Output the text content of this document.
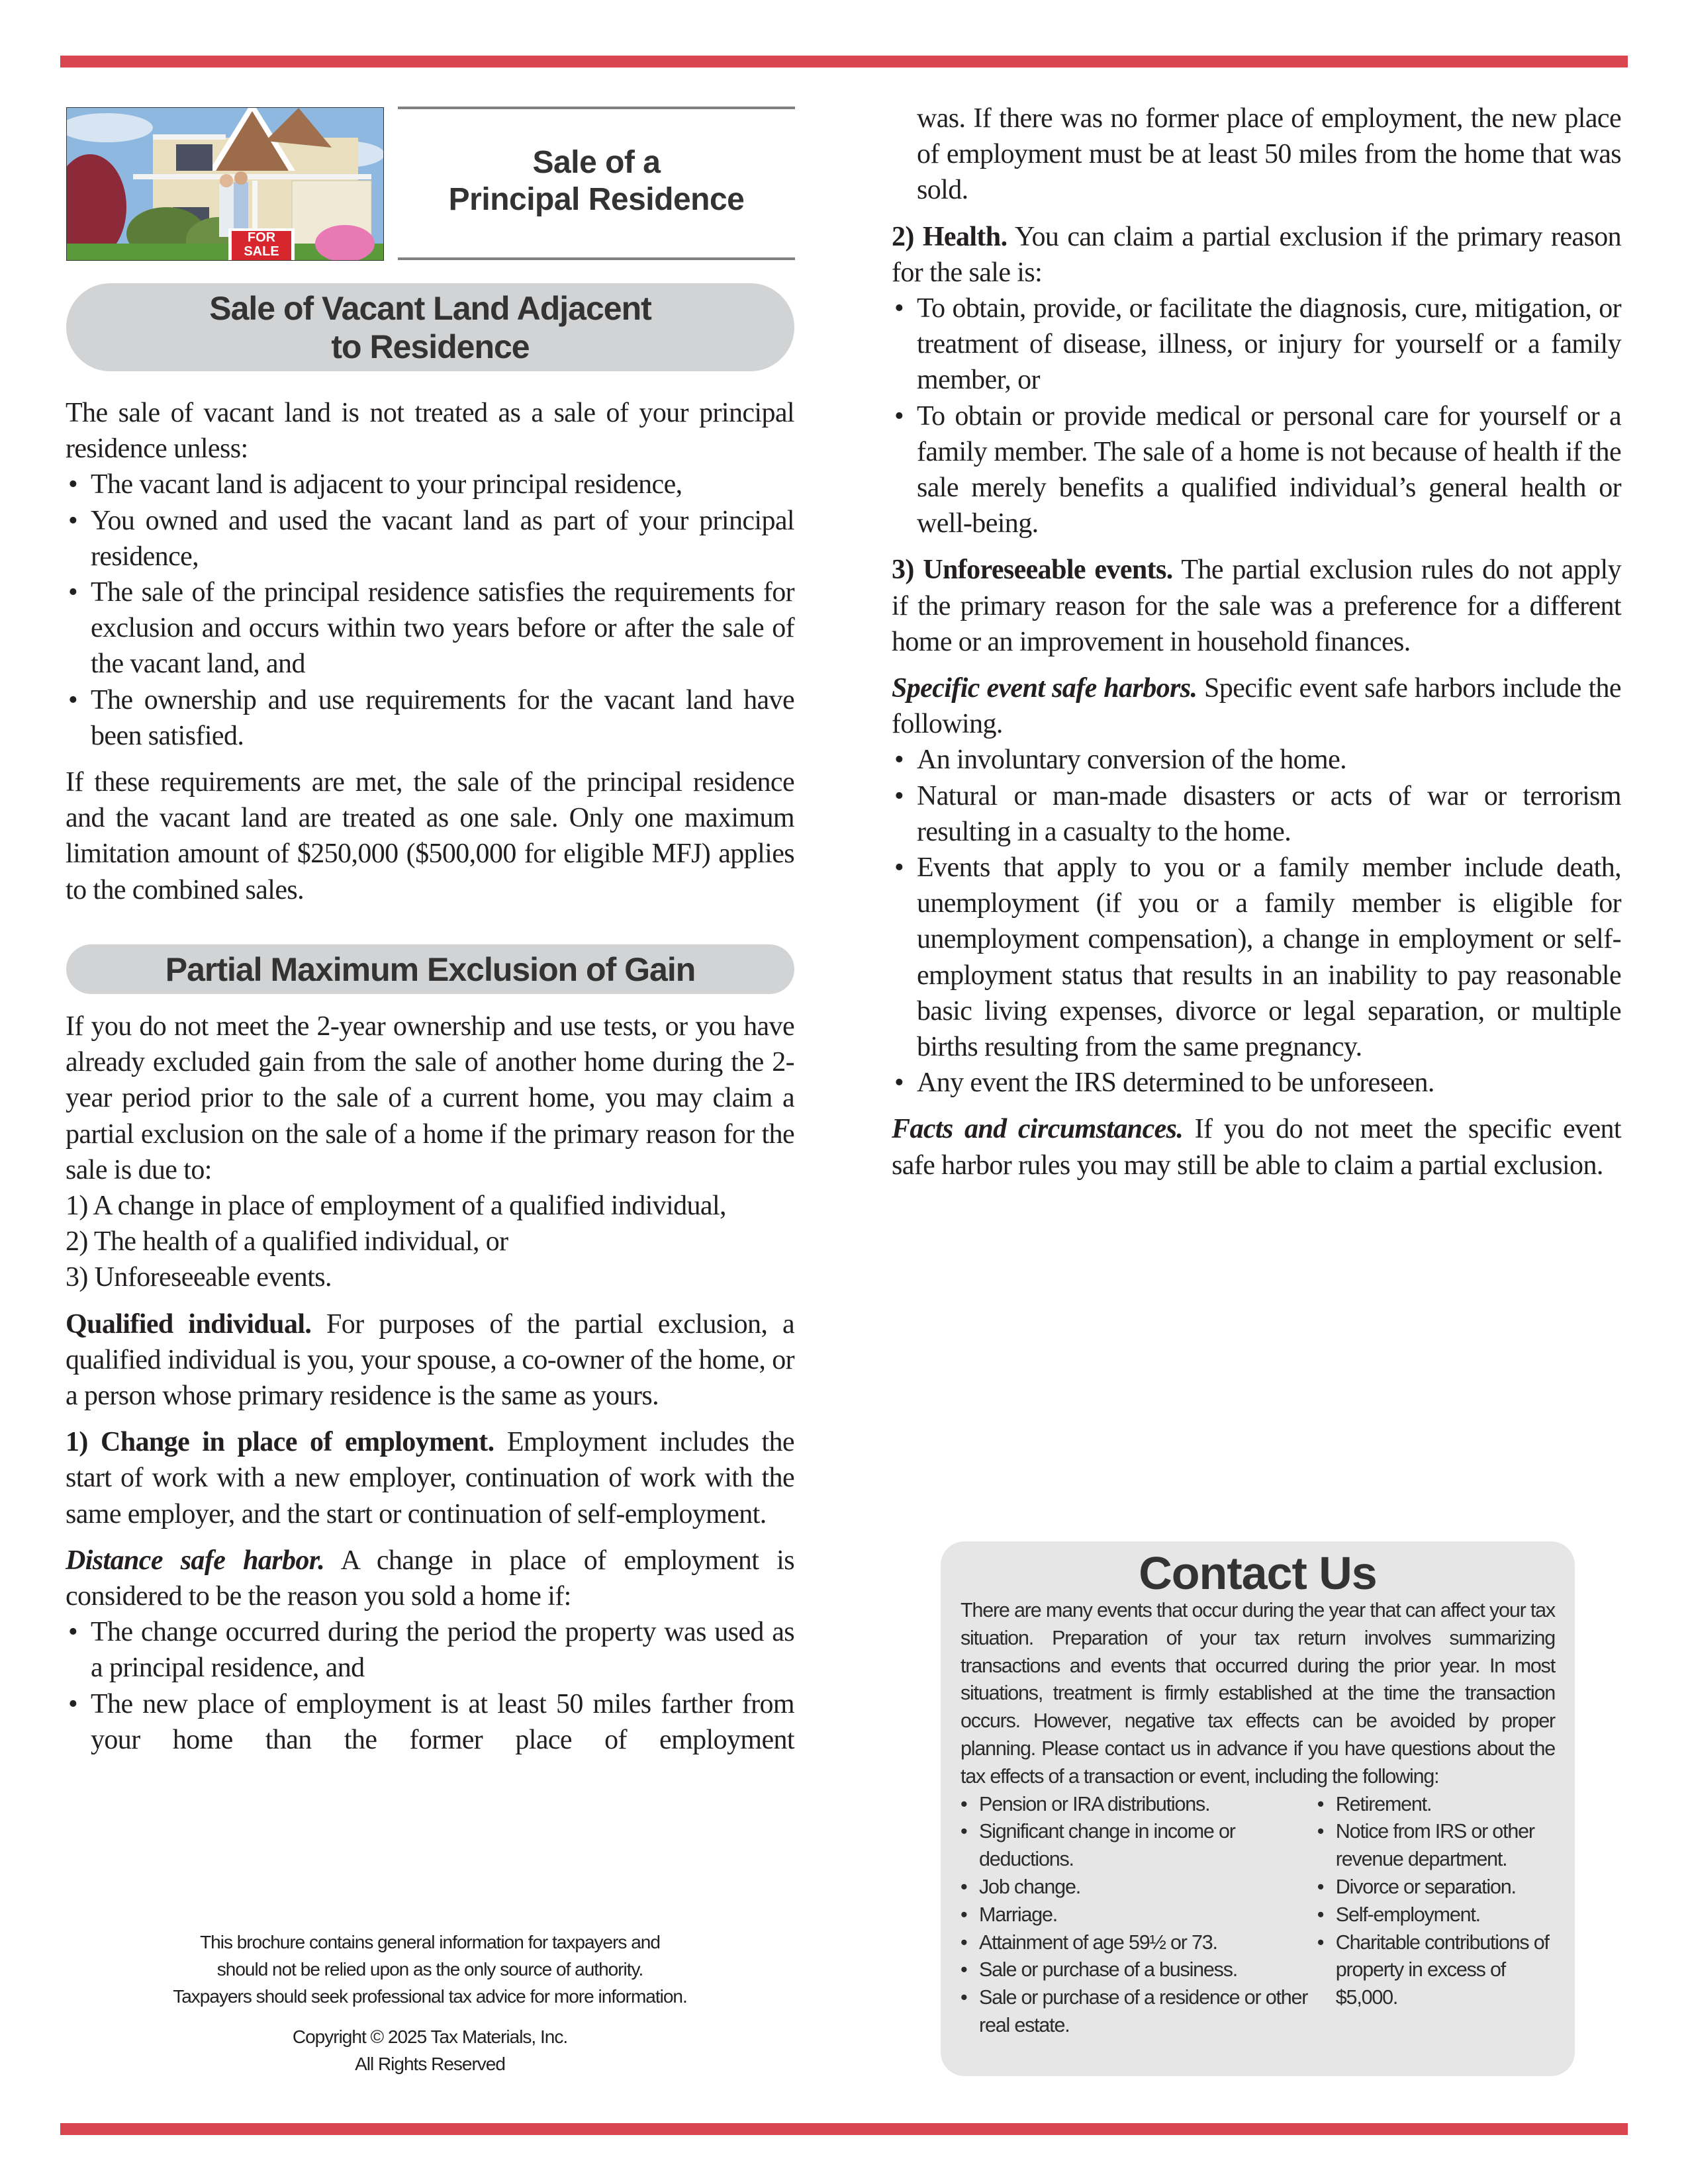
FOR
SALE
Sale of a
Principal Residence
Sale of Vacant Land Adjacent
to Residence

The sale of vacant land is not treated as a sale of your principal residence unless:

• The vacant land is adjacent to your principal residence,
• You owned and used the vacant land as part of your principal residence,
• The sale of the principal residence satisfies the requirements for exclusion and occurs within two years before or after the sale of the vacant land, and
• The ownership and use requirements for the vacant land have been satisfied.

If these requirements are met, the sale of the principal residence and the vacant land are treated as one sale. Only one maximum limitation amount of $250,000 ($500,000 for eligible MFJ) applies to the combined sales.

Partial Maximum Exclusion of Gain

If you do not meet the 2-year ownership and use tests, or you have already excluded gain from the sale of another home during the 2-year period prior to the sale of a current home, you may claim a partial exclusion on the sale of a home if the primary reason for the sale is due to:

1) A change in place of employment of a qualified individual,
2) The health of a qualified individual, or
3) Unforeseeable events.

Qualified individual. For purposes of the partial exclusion, a qualified individual is you, your spouse, a co-owner of the home, or a person whose primary residence is the same as yours.

1) Change in place of employment. Employment includes the start of work with a new employer, continuation of work with the same employer, and the start or continuation of self-employment.

Distance safe harbor. A change in place of employment is considered to be the reason you sold a home if:

• The change occurred during the period the property was used as a principal residence, and
• The new place of employment is at least 50 miles farther from your home than the former place of employment

was. If there was no former place of employment, the new place of employment must be at least 50 miles from the home that was sold.

2) Health. You can claim a partial exclusion if the primary reason for the sale is:

• To obtain, provide, or facilitate the diagnosis, cure, mitigation, or treatment of disease, illness, or injury for yourself or a family member, or
• To obtain or provide medical or personal care for yourself or a family member. The sale of a home is not because of health if the sale merely benefits a qualified individual’s general health or well-being.

3) Unforeseeable events. The partial exclusion rules do not apply if the primary reason for the sale was a preference for a different home or an improvement in household finances.

Specific event safe harbors. Specific event safe harbors include the following.

• An involuntary conversion of the home.
• Natural or man-made disasters or acts of war or terrorism resulting in a casualty to the home.
• Events that apply to you or a family member include death, unemployment (if you or a family member is eligible for unemployment compensation), a change in employment or self-employment status that results in an inability to pay reasonable basic living expenses, divorce or legal separation, or multiple births resulting from the same pregnancy.
• Any event the IRS determined to be unforeseen.

Facts and circumstances. If you do not meet the specific event safe harbor rules you may still be able to claim a partial exclusion.

This brochure contains general information for taxpayers and
should not be relied upon as the only source of authority.
Taxpayers should seek professional tax advice for more information.
Copyright © 2025 Tax Materials, Inc.
All Rights Reserved
Contact Us
There are many events that occur during the year that can affect your tax situation. Preparation of your tax return involves summarizing transactions and events that occurred during the prior year. In most situations, treatment is firmly established at the time the transaction occurs. However, negative tax effects can be avoided by proper planning. Please contact us in advance if you have questions about the tax effects of a transaction or event, including the following:
• Pension or IRA distributions.
• Significant change in income or deductions.
• Job change.
• Marriage.
• Attainment of age 59½ or 73.
• Sale or purchase of a business.
• Sale or purchase of a residence or other real estate.
• Retirement.
• Notice from IRS or other revenue department.
• Divorce or separation.
• Self-employment.
• Charitable contributions of property in excess of $5,000.
